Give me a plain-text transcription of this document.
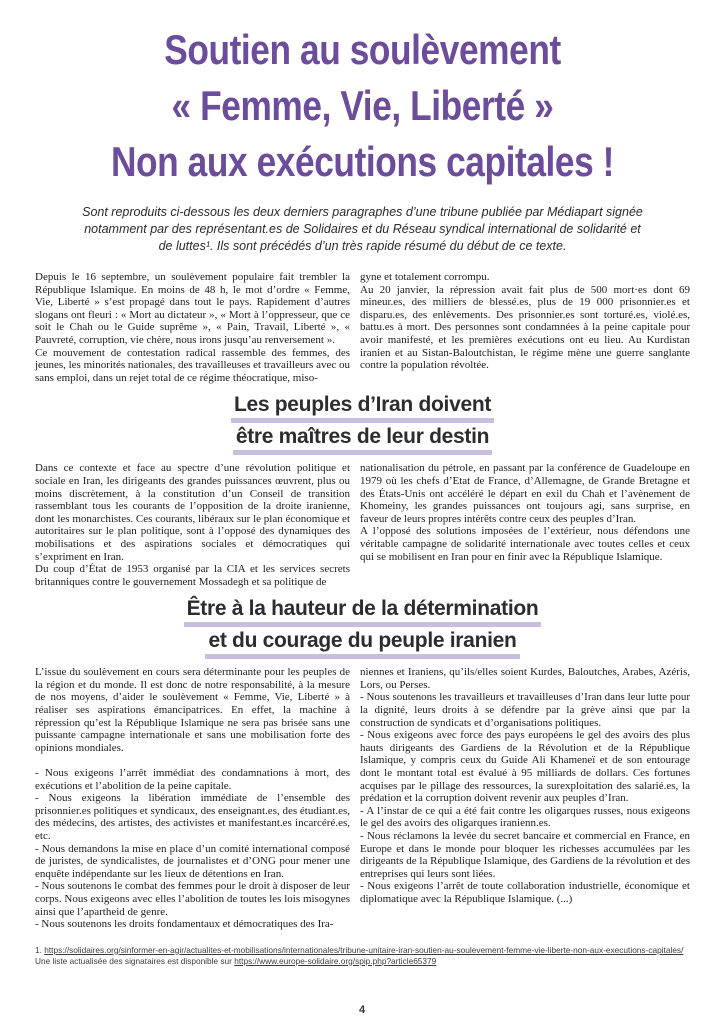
Soutien au soulèvement
« Femme, Vie, Liberté »
Non aux exécutions capitales !

Sont reproduits ci-dessous les deux derniers paragraphes d’une tribune publiée par Médiapart signée notamment par des représentant.es de Solidaires et du Réseau syndical international de solidarité et de luttes¹. Ils sont précédés d’un très rapide résumé du début de ce texte.

Depuis le 16 septembre, un soulèvement populaire fait trembler la République Islamique. En moins de 48 h, le mot d’ordre « Femme, Vie, Liberté » s’est propagé dans tout le pays. Rapidement d’autres slogans ont fleuri : « Mort au dictateur », « Mort à l’oppresseur, que ce soit le Chah ou le Guide suprême », « Pain, Travail, Liberté », « Pauvreté, corruption, vie chère, nous irons jusqu’au renversement ».

Ce mouvement de contestation radical rassemble des femmes, des jeunes, les minorités nationales, des travailleuses et travailleurs avec ou sans emploi, dans un rejet total de ce régime théocratique, miso-

gyne et totalement corrompu.

Au 20 janvier, la répression avait fait plus de 500 mort·es dont 69 mineur.es, des milliers de blessé.es, plus de 19 000 prisonnier.es et disparu.es, des enlèvements. Des prisonnier.es sont torturé.es, violé.es, battu.es à mort. Des personnes sont condamnées à la peine capitale pour avoir manifesté, et les premières exécutions ont eu lieu. Au Kurdistan iranien et au Sistan-Baloutchistan, le régime mène une guerre sanglante contre la population révoltée.

Les peuples d’Iran doivent
être maîtres de leur destin

Dans ce contexte et face au spectre d’une révolution politique et sociale en Iran, les dirigeants des grandes puissances œuvrent, plus ou moins discrètement, à la constitution d’un Conseil de transition rassemblant tous les courants de l’opposition de la droite iranienne, dont les monarchistes. Ces courants, libéraux sur le plan économique et autoritaires sur le plan politique, sont à l’opposé des dynamiques des mobilisations et des aspirations sociales et démocratiques qui s’expriment en Iran.

Du coup d’État de 1953 organisé par la CIA et les services secrets britanniques contre le gouvernement Mossadegh et sa politique de

nationalisation du pétrole, en passant par la conférence de Guadeloupe en 1979 où les chefs d’Etat de France, d’Allemagne, de Grande Bretagne et des États-Unis ont accéléré le départ en exil du Chah et l’avènement de Khomeiny, les grandes puissances ont toujours agi, sans surprise, en faveur de leurs propres intérêts contre ceux des peuples d’Iran.

A l’opposé des solutions imposées de l’extérieur, nous défendons une véritable campagne de solidarité internationale avec toutes celles et ceux qui se mobilisent en Iran pour en finir avec la République Islamique.

Être à la hauteur de la détermination
et du courage du peuple iranien

L’issue du soulèvement en cours sera déterminante pour les peuples de la région et du monde. Il est donc de notre responsabilité, à la mesure de nos moyens, d’aider le soulèvement « Femme, Vie, Liberté » à réaliser ses aspirations émancipatrices. En effet, la machine à répression qu’est la République Islamique ne sera pas brisée sans une puissante campagne internationale et sans une mobilisation forte des opinions mondiales.

- Nous exigeons l’arrêt immédiat des condamnations à mort, des exécutions et l’abolition de la peine capitale.

- Nous exigeons la libération immédiate de l’ensemble des prisonnier.es politiques et syndicaux, des enseignant.es, des étudiant.es, des médecins, des artistes, des activistes et manifestant.es incarcéré.es, etc.

- Nous demandons la mise en place d’un comité international composé de juristes, de syndicalistes, de journalistes et d’ONG pour mener une enquête indépendante sur les lieux de détentions en Iran.

- Nous soutenons le combat des femmes pour le droit à disposer de leur corps. Nous exigeons avec elles l’abolition de toutes les lois misogynes ainsi que l’apartheid de genre.

- Nous soutenons les droits fondamentaux et démocratiques des Ira-

niennes et Iraniens, qu’ils/elles soient Kurdes, Baloutches, Arabes, Azéris, Lors, ou Perses.

- Nous soutenons les travailleurs et travailleuses d’Iran dans leur lutte pour la dignité, leurs droits à se défendre par la grève ainsi que par la construction de syndicats et d’organisations politiques.

- Nous exigeons avec force des pays européens le gel des avoirs des plus hauts dirigeants des Gardiens de la Révolution et de la République Islamique, y compris ceux du Guide Ali Khameneï et de son entourage dont le montant total est évalué à 95 milliards de dollars. Ces fortunes acquises par le pillage des ressources, la surexploitation des salarié.es, la prédation et la corruption doivent revenir aux peuples d’Iran.

- A l’instar de ce qui a été fait contre les oligarques russes, nous exigeons le gel des avoirs des oligarques iranienn.es.

- Nous réclamons la levée du secret bancaire et commercial en France, en Europe et dans le monde pour bloquer les richesses accumulées par les dirigeants de la République Islamique, des Gardiens de la révolution et des entreprises qui leurs sont liées.

- Nous exigeons l’arrêt de toute collaboration industrielle, économique et diplomatique avec la République Islamique. (...)

1. https://solidaires.org/sinformer-en-agir/actualites-et-mobilisations/internationales/tribune-unitaire-iran-soutien-au-soulevement-femme-vie-liberte-non-aux-executions-capitales/
Une liste actualisée des signataires est disponible sur https://www.europe-solidaire.org/spip.php?article65379
4
